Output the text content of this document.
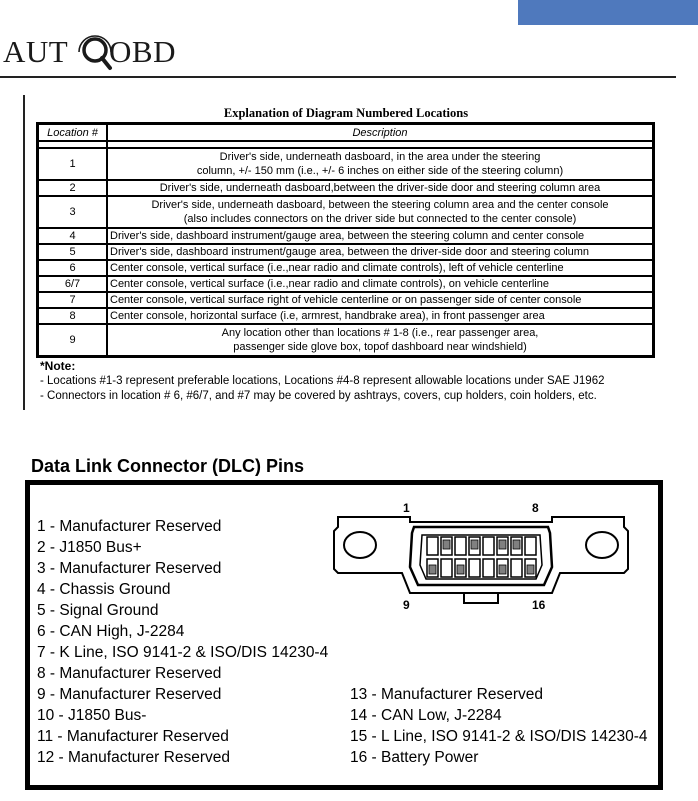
AUT OBD
Explanation of Diagram Numbered Locations
Location #	Description

1	Driver's side, underneath dasboard, in the area under the steering
column, +/- 150 mm (i.e., +/- 6 inches on either side of the steering column)
2	Driver's side, underneath dasboard,between the driver-side door and steering column area
3	Driver's side, underneath dasboard, between the steering column area and the center console
(also includes connectors on the driver side but connected to the center console)
4	Driver's side, dashboard instrument/gauge area, between the steering column and center console
5	Driver's side, dashboard instrument/gauge area, between the driver-side door and steering column
6	Center console, vertical surface (i.e.,near radio and climate controls), left of vehicle centerline
6/7	Center console, vertical surface (i.e.,near radio and climate controls), on vehicle centerline
7	Center console, vertical surface right of vehicle centerline or on passenger side of center console
8	Center console, horizontal surface (i.e, armrest, handbrake area), in front passenger area
9	Any location other than locations # 1-8 (i.e., rear passenger area,
passenger side glove box, topof dashboard near windshield)
*Note:
- Locations #1-3 represent preferable locations, Locations #4-8 represent allowable locations under SAE J1962
- Connectors in location # 6, #6/7, and #7 may be covered by ashtrays, covers, cup holders, coin holders, etc.
Data Link Connector (DLC) Pins
1 - Manufacturer Reserved
2 - J1850 Bus+
3 - Manufacturer Reserved
4 - Chassis Ground
5 - Signal Ground
6 - CAN High, J-2284
7 - K Line, ISO 9141-2 & ISO/DIS 14230-4
8 - Manufacturer Reserved
9 - Manufacturer Reserved
10 - J1850 Bus-
11 - Manufacturer Reserved
12 - Manufacturer Reserved
13 - Manufacturer Reserved
14 - CAN Low, J-2284
15 - L Line, ISO 9141-2 & ISO/DIS 14230-4
16 - Battery Power
1	8
9	16
